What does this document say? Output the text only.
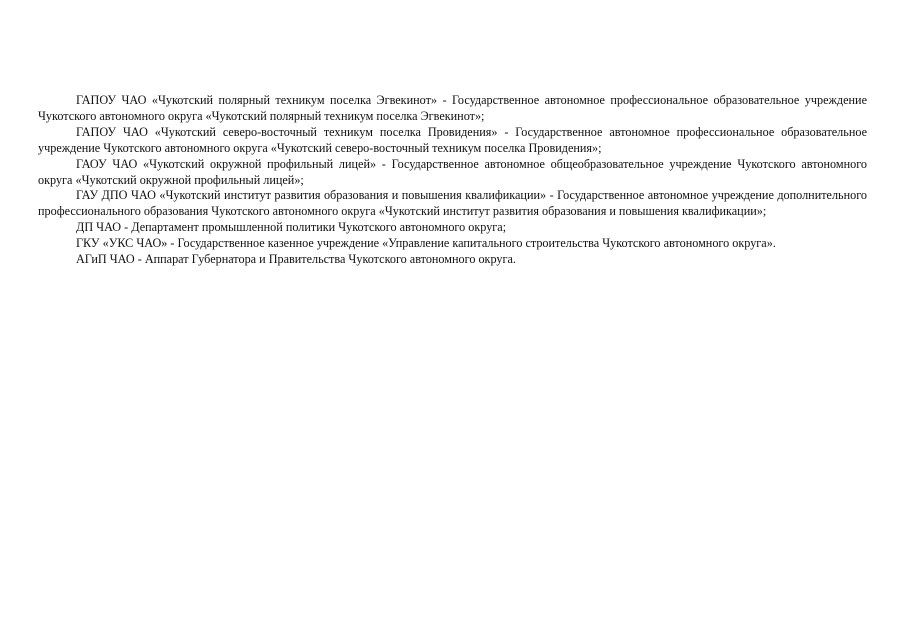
ГАПОУ ЧАО «Чукотский полярный техникум поселка Эгвекинот» - Государственное автономное профессиональное образовательное учреждение Чукотского автономного округа «Чукотский полярный техникум поселка Эгвекинот»;

ГАПОУ ЧАО «Чукотский северо-восточный техникум поселка Провидения» - Государственное автономное профессиональное образовательное учреждение Чукотского автономного округа «Чукотский северо-восточный техникум поселка Провидения»;

ГАОУ ЧАО «Чукотский окружной профильный лицей» - Государственное автономное общеобразовательное учреждение Чукотского автономного округа «Чукотский окружной профильный лицей»;

ГАУ ДПО ЧАО «Чукотский институт развития образования и повышения квалификации» - Государственное автономное учреждение дополнительного профессионального образования Чукотского автономного округа «Чукотский институт развития образования и повышения квалификации»;

ДП ЧАО - Департамент промышленной политики Чукотского автономного округа;

ГКУ «УКС ЧАО» - Государственное казенное учреждение «Управление капитального строительства Чукотского автономного округа».

АГиП ЧАО - Аппарат Губернатора и Правительства Чукотского автономного округа.
